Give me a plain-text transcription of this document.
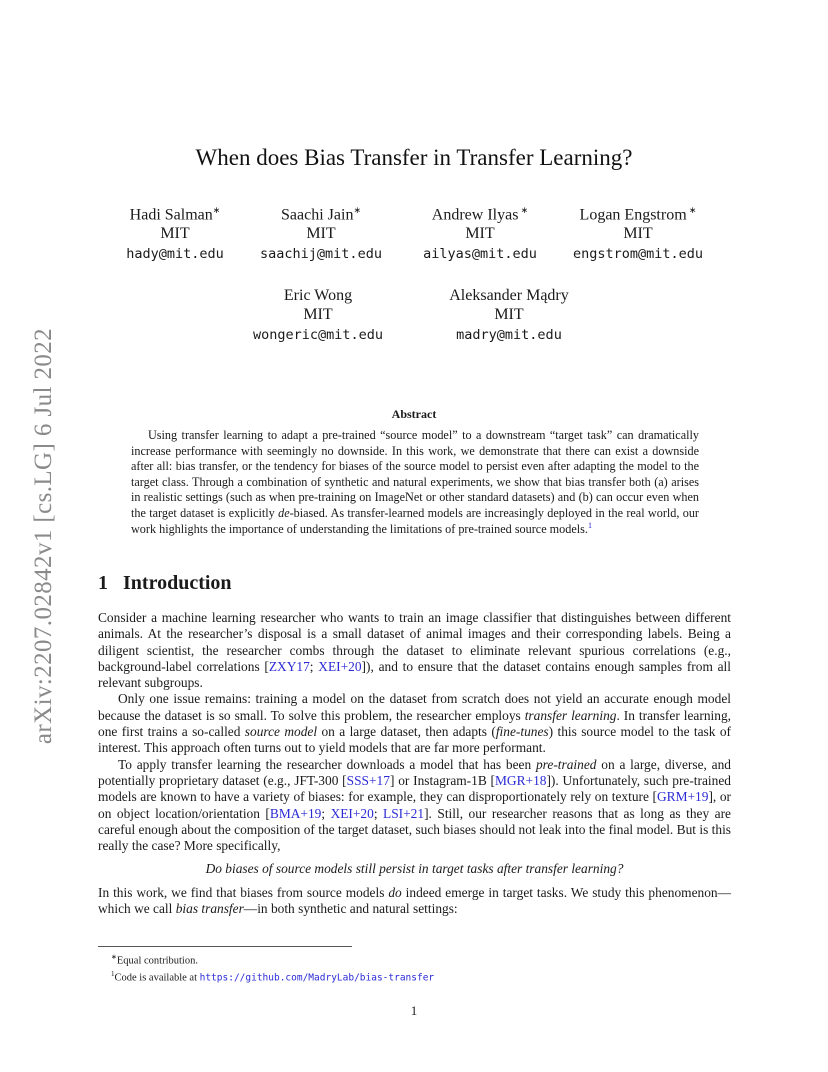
arXiv:2207.02842v1 [cs.LG] 6 Jul 2022
When does Bias Transfer in Transfer Learning?
Hadi Salman∗
MIT
hady@mit.edu
Saachi Jain∗
MIT
saachij@mit.edu
Andrew Ilyas ∗
MIT
ailyas@mit.edu
Logan Engstrom ∗
MIT
engstrom@mit.edu
Eric Wong
MIT
wongeric@mit.edu
Aleksander Mądry
MIT
madry@mit.edu
Abstract

Using transfer learning to adapt a pre-trained “source model” to a downstream “target task” can dramatically increase performance with seemingly no downside. In this work, we demonstrate that there can exist a downside after all: bias transfer, or the tendency for biases of the source model to persist even after adapting the model to the target class. Through a combination of synthetic and natural experiments, we show that bias transfer both (a) arises in realistic settings (such as when pre-training on ImageNet or other standard datasets) and (b) can occur even when the target dataset is explicitly de-biased. As transfer-learned models are increasingly deployed in the real world, our work highlights the importance of understanding the limitations of pre-trained source models.$^1$

1 Introduction

Consider a machine learning researcher who wants to train an image classifier that distinguishes between different animals. At the researcher’s disposal is a small dataset of animal images and their corresponding labels. Being a diligent scientist, the researcher combs through the dataset to eliminate relevant spurious correlations (e.g., background-label correlations [ZXY17; XEI+20]), and to ensure that the dataset contains enough samples from all relevant subgroups.

Only one issue remains: training a model on the dataset from scratch does not yield an accurate enough model because the dataset is so small. To solve this problem, the researcher employs transfer learning. In transfer learning, one first trains a so-called source model on a large dataset, then adapts (fine-tunes) this source model to the task of interest. This approach often turns out to yield models that are far more performant.

To apply transfer learning the researcher downloads a model that has been pre-trained on a large, diverse, and potentially proprietary dataset (e.g., JFT-300 [SSS+17] or Instagram-1B [MGR+18]). Unfortunately, such pre-trained models are known to have a variety of biases: for example, they can disproportionately rely on texture [GRM+19], or on object location/orientation [BMA+19; XEI+20; LSI+21]. Still, our researcher reasons that as long as they are careful enough about the composition of the target dataset, such biases should not leak into the final model. But is this really the case? More specifically,

Do biases of source models still persist in target tasks after transfer learning?

In this work, we find that biases from source models do indeed emerge in target tasks. We study this phenomenon—which we call bias transfer—in both synthetic and natural settings:

∗Equal contribution.
$^1$Code is available at https://github.com/MadryLab/bias-transfer
1
